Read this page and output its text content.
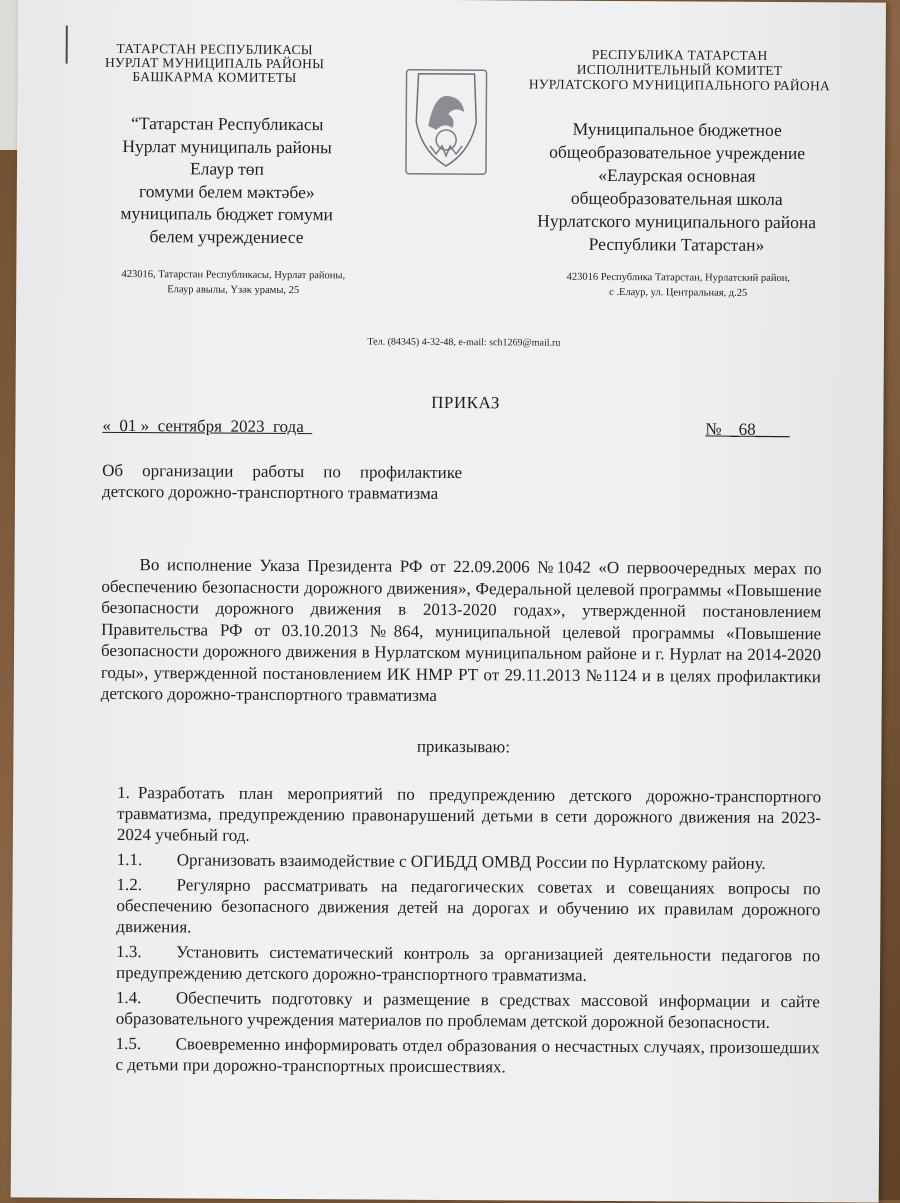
ТАТАРСТАН РЕСПУБЛИКАСЫ
НУРЛАТ МУНИЦИПАЛЬ РАЙОНЫ
БАШКАРМА КОМИТЕТЫ
РЕСПУБЛИКА ТАТАРСТАН
ИСПОЛНИТЕЛЬНЫЙ КОМИТЕТ
НУРЛАТСКОГО МУНИЦИПАЛЬНОГО РАЙОНА
“Татарстан Республикасы
Нурлат муниципаль районы
Елаур төп
гомуми белем мәктәбе»
муниципаль бюджет гомуми
белем учреждениесе
Муниципальное бюджетное
общеобразовательное учреждение
«Елаурская основная
общеобразовательная школа
Нурлатского муниципального района
Республики Татарстан»
423016, Татарстан Республикасы, Нурлат районы,
Елаур авылы, Үзәк урамы, 25
423016 Республика Татарстан, Нурлатский район,
с .Елаур, ул. Центральная, д.25
Тел. (84345) 4-32-48, e-mail: sch1269@mail.ru
ПРИКАЗ
«  01 »  сентября  2023  года	№  _68____
Об организации работы по профилактике детского дорожно-транспортного травматизма
Во исполнение Указа Президента РФ от 22.09.2006 №1042 «О первоочередных мерах по обеспечению безопасности дорожного движения», Федеральной целевой программы «Повышение безопасности дорожного движения в 2013-2020 годах», утвержденной постановлением Правительства РФ от 03.10.2013 №864, муниципальной целевой программы «Повышение безопасности дорожного движения в Нурлатском муниципальном районе и г. Нурлат на 2014-2020 годы», утвержденной постановлением ИК НМР РТ от 29.11.2013 №1124 и в целях профилактики детского дорожно-транспортного травматизма
приказываю:
1. Разработать план мероприятий по предупреждению детского дорожно-транспортного травматизма, предупреждению правонарушений детьми в сети дорожного движения на 2023-2024 учебный год.
1.1. Организовать взаимодействие с ОГИБДД ОМВД России по Нурлатскому району.
1.2. Регулярно рассматривать на педагогических советах и совещаниях вопросы по обеспечению безопасного движения детей на дорогах и обучению их правилам дорожного движения.
1.3. Установить систематический контроль за организацией деятельности педагогов по предупреждению детского дорожно-транспортного травматизма.
1.4. Обеспечить подготовку и размещение в средствах массовой информации и сайте образовательного учреждения материалов по проблемам детской дорожной безопасности.
1.5. Своевременно информировать отдел образования о несчастных случаях, произошедших с детьми при дорожно-транспортных происшествиях.
